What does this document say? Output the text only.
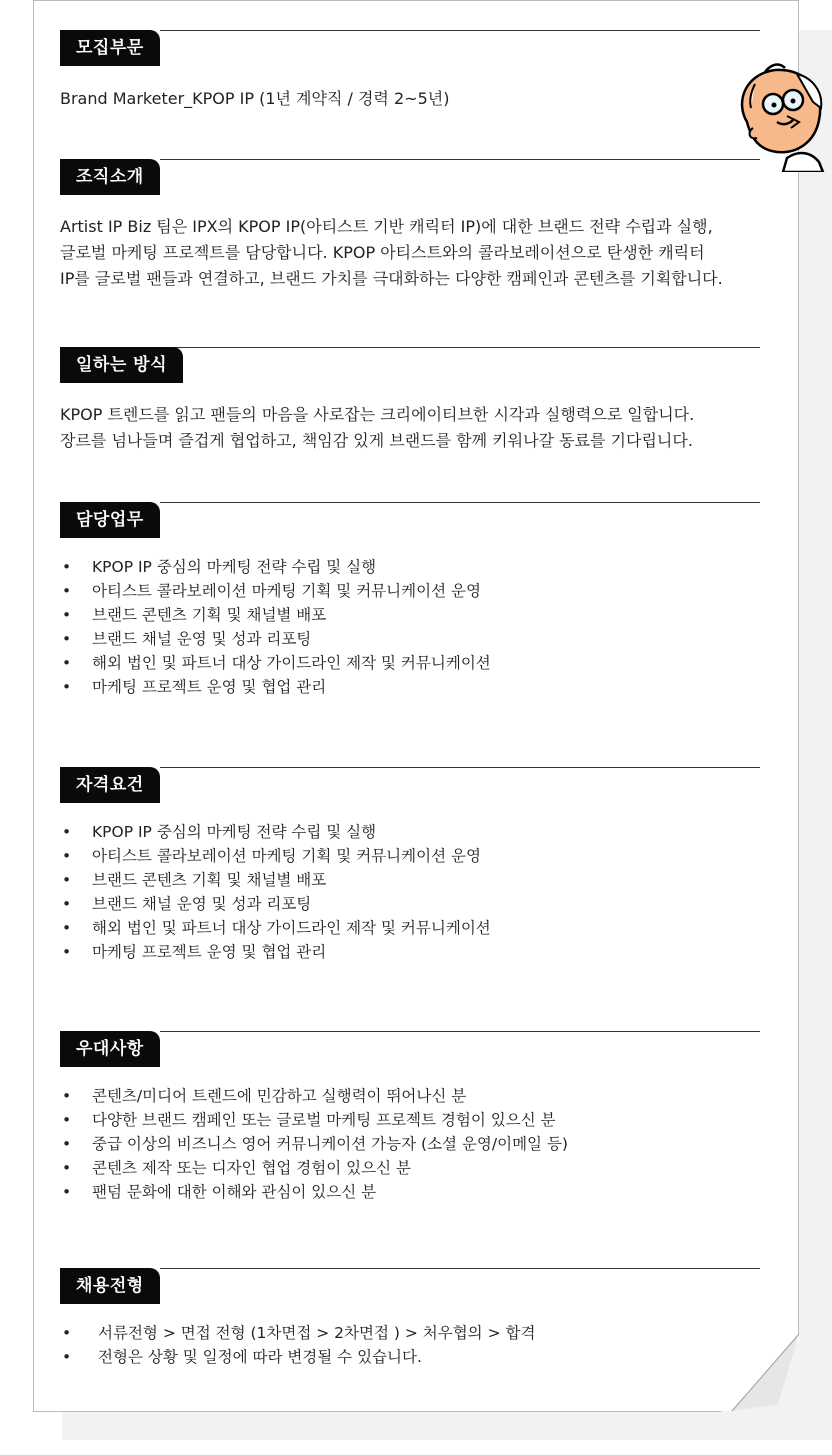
모집부문

Brand Marketer_KPOP IP (1년 계약직 / 경력 2~5년)

조직소개

Artist IP Biz 팀은 IPX의 KPOP IP(아티스트 기반 캐릭터 IP)에 대한 브랜드 전략 수립과 실행,
글로벌 마케팅 프로젝트를 담당합니다. KPOP 아티스트와의 콜라보레이션으로 탄생한 캐릭터
IP를 글로벌 팬들과 연결하고, 브랜드 가치를 극대화하는 다양한 캠페인과 콘텐츠를 기획합니다.

일하는 방식

KPOP 트렌드를 읽고 팬들의 마음을 사로잡는 크리에이티브한 시각과 실행력으로 일합니다.
장르를 넘나들며 즐겁게 협업하고, 책임감 있게 브랜드를 함께 키워나갈 동료를 기다립니다.

담당업무
• KPOP IP 중심의 마케팅 전략 수립 및 실행
• 아티스트 콜라보레이션 마케팅 기획 및 커뮤니케이션 운영
• 브랜드 콘텐츠 기획 및 채널별 배포
• 브랜드 채널 운영 및 성과 리포팅
• 해외 법인 및 파트너 대상 가이드라인 제작 및 커뮤니케이션
• 마케팅 프로젝트 운영 및 협업 관리
자격요건
• KPOP IP 중심의 마케팅 전략 수립 및 실행
• 아티스트 콜라보레이션 마케팅 기획 및 커뮤니케이션 운영
• 브랜드 콘텐츠 기획 및 채널별 배포
• 브랜드 채널 운영 및 성과 리포팅
• 해외 법인 및 파트너 대상 가이드라인 제작 및 커뮤니케이션
• 마케팅 프로젝트 운영 및 협업 관리
우대사항
• 콘텐츠/미디어 트렌드에 민감하고 실행력이 뛰어나신 분
• 다양한 브랜드 캠페인 또는 글로벌 마케팅 프로젝트 경험이 있으신 분
• 중급 이상의 비즈니스 영어 커뮤니케이션 가능자 (소셜 운영/이메일 등)
• 콘텐츠 제작 또는 디자인 협업 경험이 있으신 분
• 팬덤 문화에 대한 이해와 관심이 있으신 분
채용전형
• 서류전형 > 면접 전형 (1차면접 > 2차면접 ) > 처우협의 > 합격
• 전형은 상황 및 일정에 따라 변경될 수 있습니다.
